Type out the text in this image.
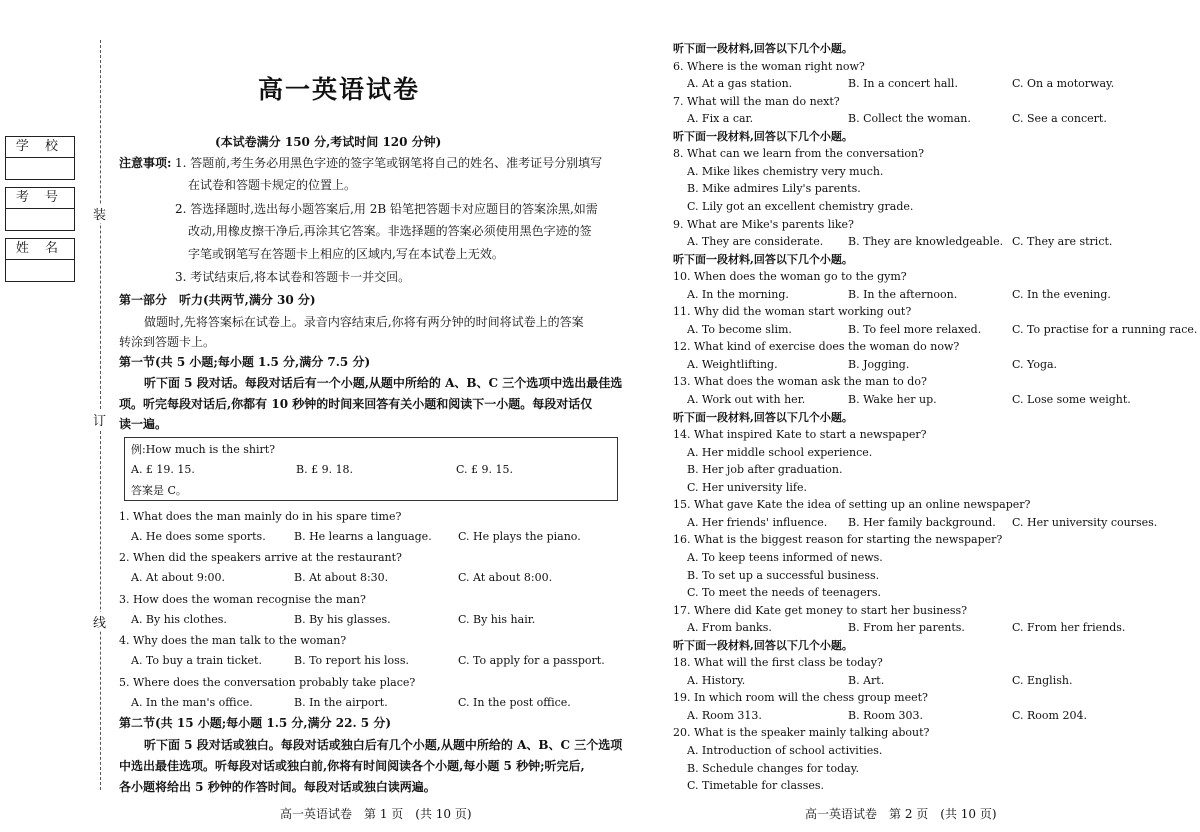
学 校
考 号
姓 名
装
订
线
高一英语试卷
(本试卷满分 150 分,考试时间 120 分钟)
注意事项: 1. 答题前,考生务必用黑色字迹的签字笔或钢笔将自己的姓名、准考证号分别填写
在试卷和答题卡规定的位置上。
2. 答选择题时,选出每小题答案后,用 2B 铅笔把答题卡对应题目的答案涂黑,如需
改动,用橡皮擦干净后,再涂其它答案。非选择题的答案必须使用黑色字迹的签
字笔或钢笔写在答题卡上相应的区域内,写在本试卷上无效。
3. 考试结束后,将本试卷和答题卡一并交回。
第一部分　听力(共两节,满分 30 分)
做题时,先将答案标在试卷上。录音内容结束后,你将有两分钟的时间将试卷上的答案
转涂到答题卡上。
第一节(共 5 小题;每小题 1.5 分,满分 7.5 分)
听下面 5 段对话。每段对话后有一个小题,从题中所给的 A、B、C 三个选项中选出最佳选
项。听完每段对话后,你都有 10 秒钟的时间来回答有关小题和阅读下一小题。每段对话仅
读一遍。
例:How much is the shirt?
A. £ 19. 15.	B. £ 9. 18.	C. £ 9. 15.
答案是 C。
1. What does the man mainly do in his spare time?
A. He does some sports.	B. He learns a language. C. He plays the piano.
2. When did the speakers arrive at the restaurant?
A. At about 9:00.	B. At about 8:30.	C. At about 8:00.
3. How does the woman recognise the man?
A. By his clothes.	B. By his glasses.	C. By his hair.
4. Why does the man talk to the woman?
A. To buy a train ticket.	B. To report his loss.	C. To apply for a passport.
5. Where does the conversation probably take place?
A. In the man's office.	B. In the airport.	C. In the post office.
第二节(共 15 小题;每小题 1.5 分,满分 22. 5 分)
听下面 5 段对话或独白。每段对话或独白后有几个小题,从题中所给的 A、B、C 三个选项
中选出最佳选项。听每段对话或独白前,你将有时间阅读各个小题,每小题 5 秒钟;听完后,
各小题将给出 5 秒钟的作答时间。每段对话或独白读两遍。
高一英语试卷　第 1 页　(共 10 页)
听下面一段材料,回答以下几个小题。
6. Where is the woman right now?
A. At a gas station.	B. In a concert hall.	C. On a motorway.
7. What will the man do next?
A. Fix a car.	B. Collect the woman.	C. See a concert.
听下面一段材料,回答以下几个小题。
8. What can we learn from the conversation?
A. Mike likes chemistry very much.
B. Mike admires Lily's parents.
C. Lily got an excellent chemistry grade.
9. What are Mike's parents like?
A. They are considerate. B. They are knowledgeable. C. They are strict.
听下面一段材料,回答以下几个小题。
10. When does the woman go to the gym?
A. In the morning.	B. In the afternoon.	C. In the evening.
11. Why did the woman start working out?
A. To become slim.	B. To feel more relaxed.	C. To practise for a running race.
12. What kind of exercise does the woman do now?
A. Weightlifting.	B. Jogging.	C. Yoga.
13. What does the woman ask the man to do?
A. Work out with her.	B. Wake her up.	C. Lose some weight.
听下面一段材料,回答以下几个小题。
14. What inspired Kate to start a newspaper?
A. Her middle school experience.
B. Her job after graduation.
C. Her university life.
15. What gave Kate the idea of setting up an online newspaper?
A. Her friends' influence. B. Her family background. C. Her university courses.
16. What is the biggest reason for starting the newspaper?
A. To keep teens informed of news.
B. To set up a successful business.
C. To meet the needs of teenagers.
17. Where did Kate get money to start her business?
A. From banks.	B. From her parents.	C. From her friends.
听下面一段材料,回答以下几个小题。
18. What will the first class be today?
A. History.	B. Art.	C. English.
19. In which room will the chess group meet?
A. Room 313.	B. Room 303.	C. Room 204.
20. What is the speaker mainly talking about?
A. Introduction of school activities.
B. Schedule changes for today.
C. Timetable for classes.
高一英语试卷　第 2 页　(共 10 页)
